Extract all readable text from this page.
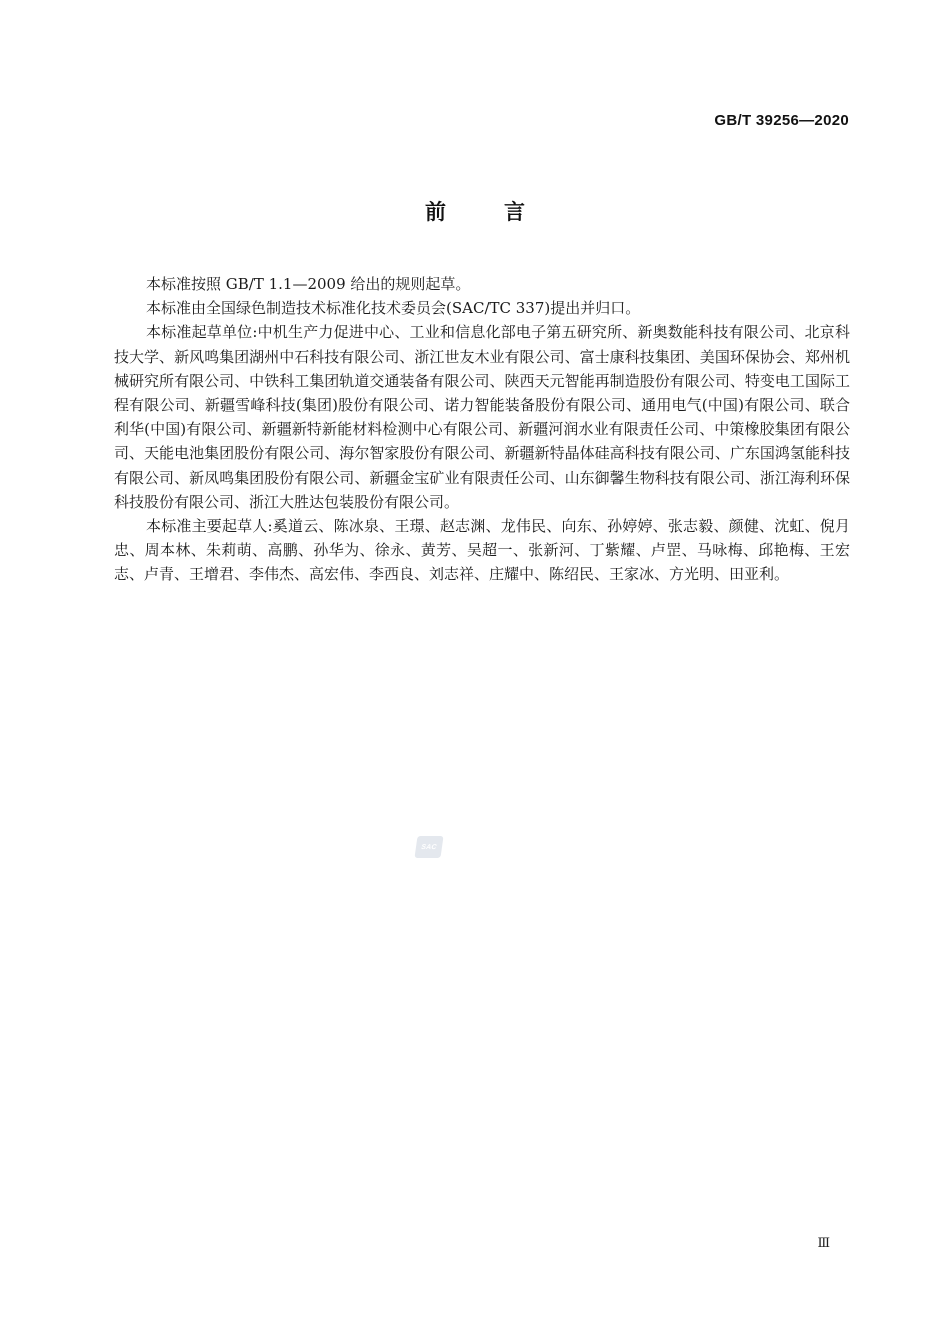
GB/T 39256—2020
前言

本标准按照 GB/T 1.1—2009 给出的规则起草。

本标准由全国绿色制造技术标准化技术委员会(SAC/TC 337)提出并归口。

本标准起草单位:中机生产力促进中心、工业和信息化部电子第五研究所、新奥数能科技有限公司、北京科技大学、新风鸣集团湖州中石科技有限公司、浙江世友木业有限公司、富士康科技集团、美国环保协会、郑州机械研究所有限公司、中铁科工集团轨道交通装备有限公司、陕西天元智能再制造股份有限公司、特变电工国际工程有限公司、新疆雪峰科技(集团)股份有限公司、诺力智能装备股份有限公司、通用电气(中国)有限公司、联合利华(中国)有限公司、新疆新特新能材料检测中心有限公司、新疆河润水业有限责任公司、中策橡胶集团有限公司、天能电池集团股份有限公司、海尔智家股份有限公司、新疆新特晶体硅高科技有限公司、广东国鸿氢能科技有限公司、新凤鸣集团股份有限公司、新疆金宝矿业有限责任公司、山东御馨生物科技有限公司、浙江海利环保科技股份有限公司、浙江大胜达包装股份有限公司。

本标准主要起草人:奚道云、陈冰泉、王璟、赵志渊、龙伟民、向东、孙婷婷、张志毅、颜健、沈虹、倪月忠、周本林、朱莉萌、高鹏、孙华为、徐永、黄芳、吴超一、张新河、丁紫耀、卢罡、马咏梅、邱艳梅、王宏志、卢青、王增君、李伟杰、高宏伟、李西良、刘志祥、庄耀中、陈绍民、王家冰、方光明、田亚利。

SAC
Ⅲ
